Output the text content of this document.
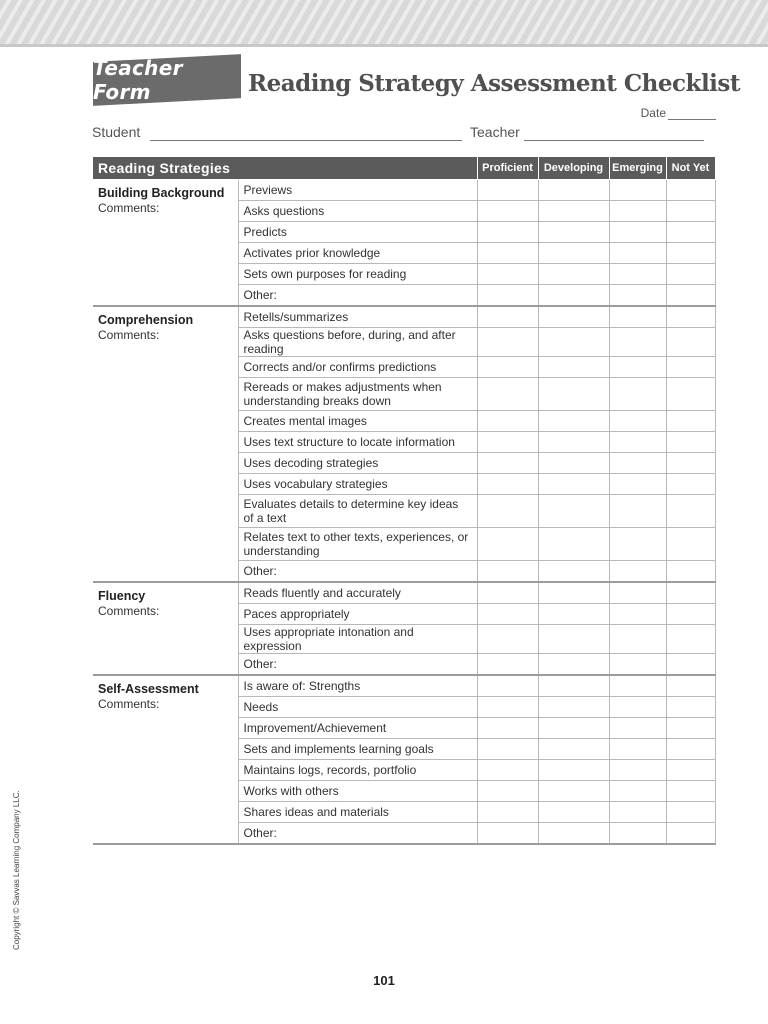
Teacher Form	Reading Strategy Assessment Checklist
Date
Student	Teacher
Reading Strategies		Proficient	Developing	Emerging	Not Yet

Building Background
Comments:	Previews				
	Asks questions				
	Predicts				
	Activates prior knowledge				
	Sets own purposes for reading				
	Other:				

Comprehension
Comments:	Retells/summarizes				
	Asks questions before, during, and after reading				
	Corrects and/or confirms predictions				
	Rereads or makes adjustments when understanding breaks down				
	Creates mental images				
	Uses text structure to locate information				
	Uses decoding strategies				
	Uses vocabulary strategies				
	Evaluates details to determine key ideas of a text				
	Relates text to other texts, experiences, or understanding				
	Other:				

Fluency
Comments:	Reads fluently and accurately				
	Paces appropriately				
	Uses appropriate intonation and expression				
	Other:				

Self-Assessment
Comments:	Is aware of: Strengths				
	Needs				
	Improvement/Achievement				
	Sets and implements learning goals				
	Maintains logs, records, portfolio				
	Works with others				
	Shares ideas and materials				
	Other:				
Copyright © Savvas Learning Company LLC.
101
